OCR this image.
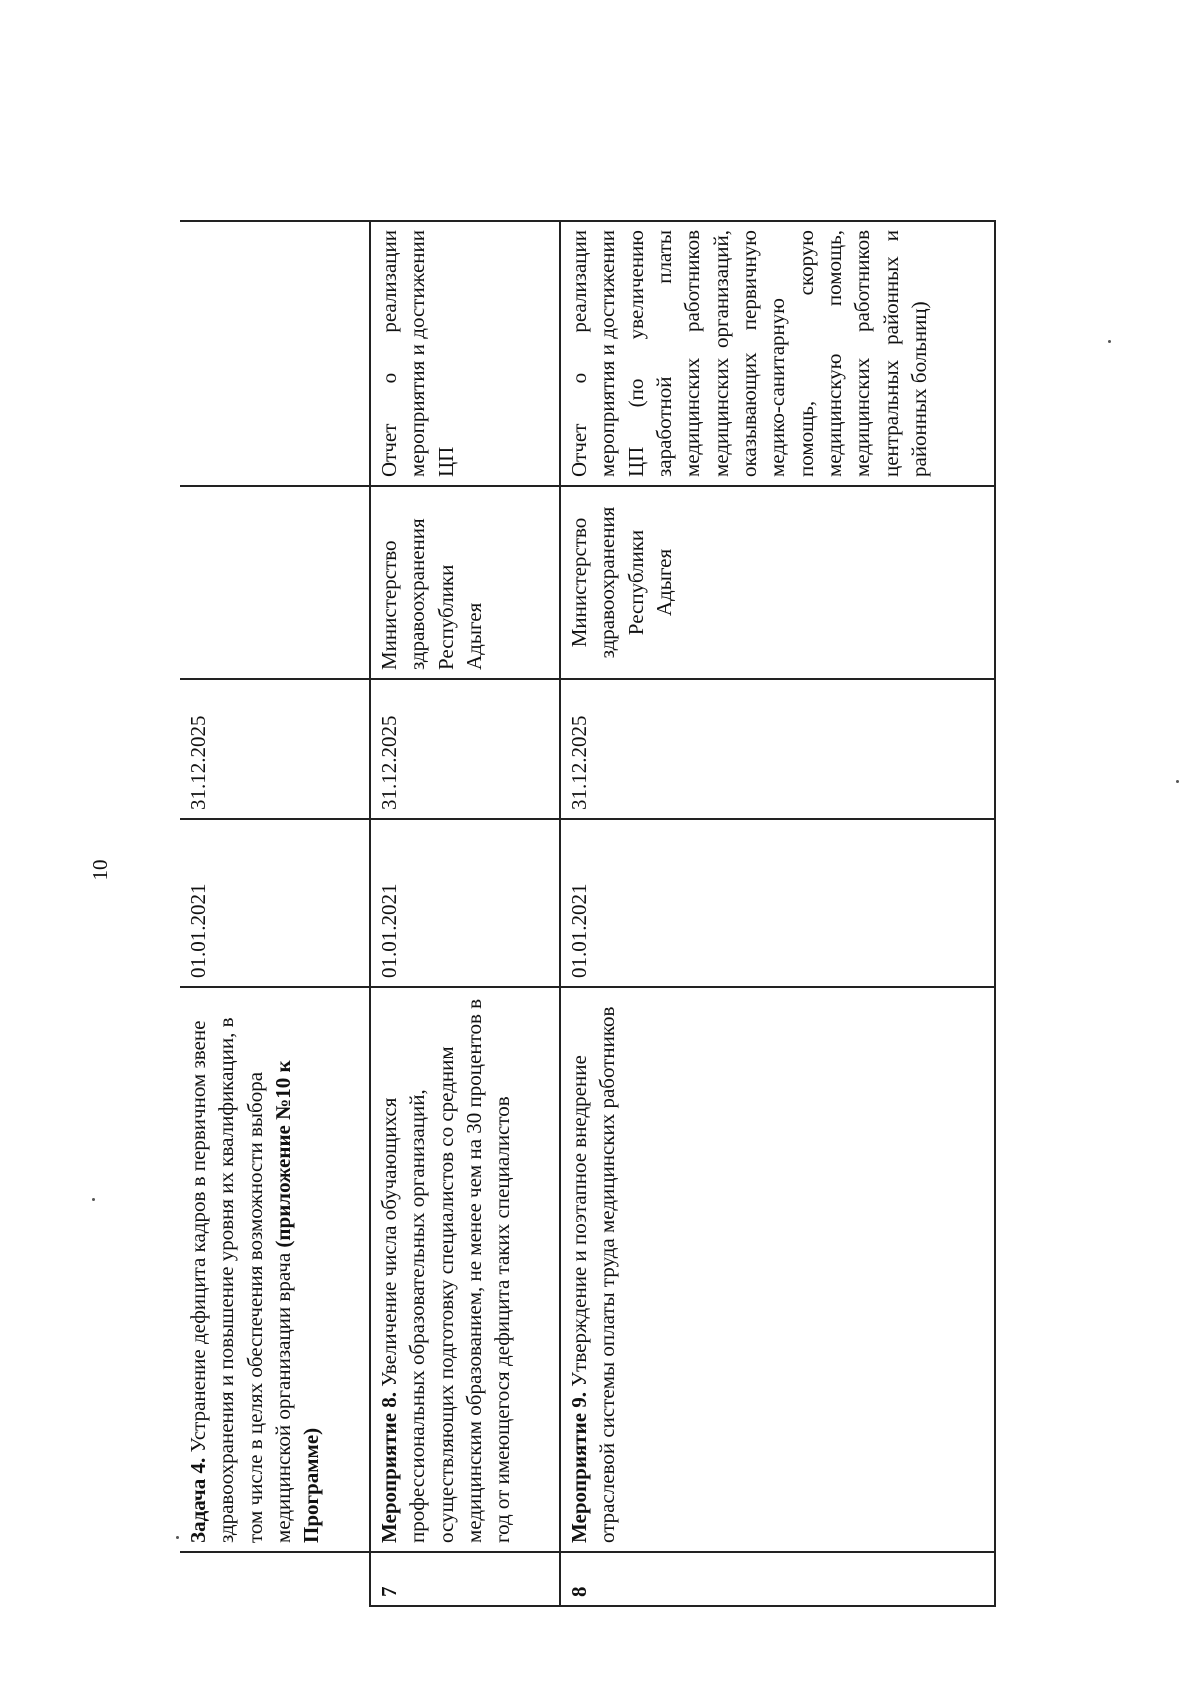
10
	Задача 4. Устранение дефицита кадров в первичном звене здравоохранения и повышение уровня их квалификации, в том числе в целях обеспечения возможности выбора медицинской организации врача (приложение №10 к Программе)	01.01.2021	31.12.2025		
7	Мероприятие 8. Увеличение числа обучающихся профессиональных образовательных организаций, осуществляющих подготовку специалистов со средним медицинским образованием, не менее чем на 30 процентов в год от имеющегося дефицита таких специалистов	01.01.2021	31.12.2025	Министерство здравоохранения Республики Адыгея	Отчет о реализации мероприятия и достижении ЦП
8	Мероприятие 9. Утверждение и поэтапное внедрение отраслевой системы оплаты труда медицинских работников	01.01.2021	31.12.2025	Министерство здравоохранения Республики Адыгея	Отчет о реализации мероприятия и достижении ЦП (по увеличению заработной платы медицинских работников медицинских организаций, оказывающих первичную медико-санитарную помощь, скорую медицинскую помощь, медицинских работников центральных районных и районных больниц)
